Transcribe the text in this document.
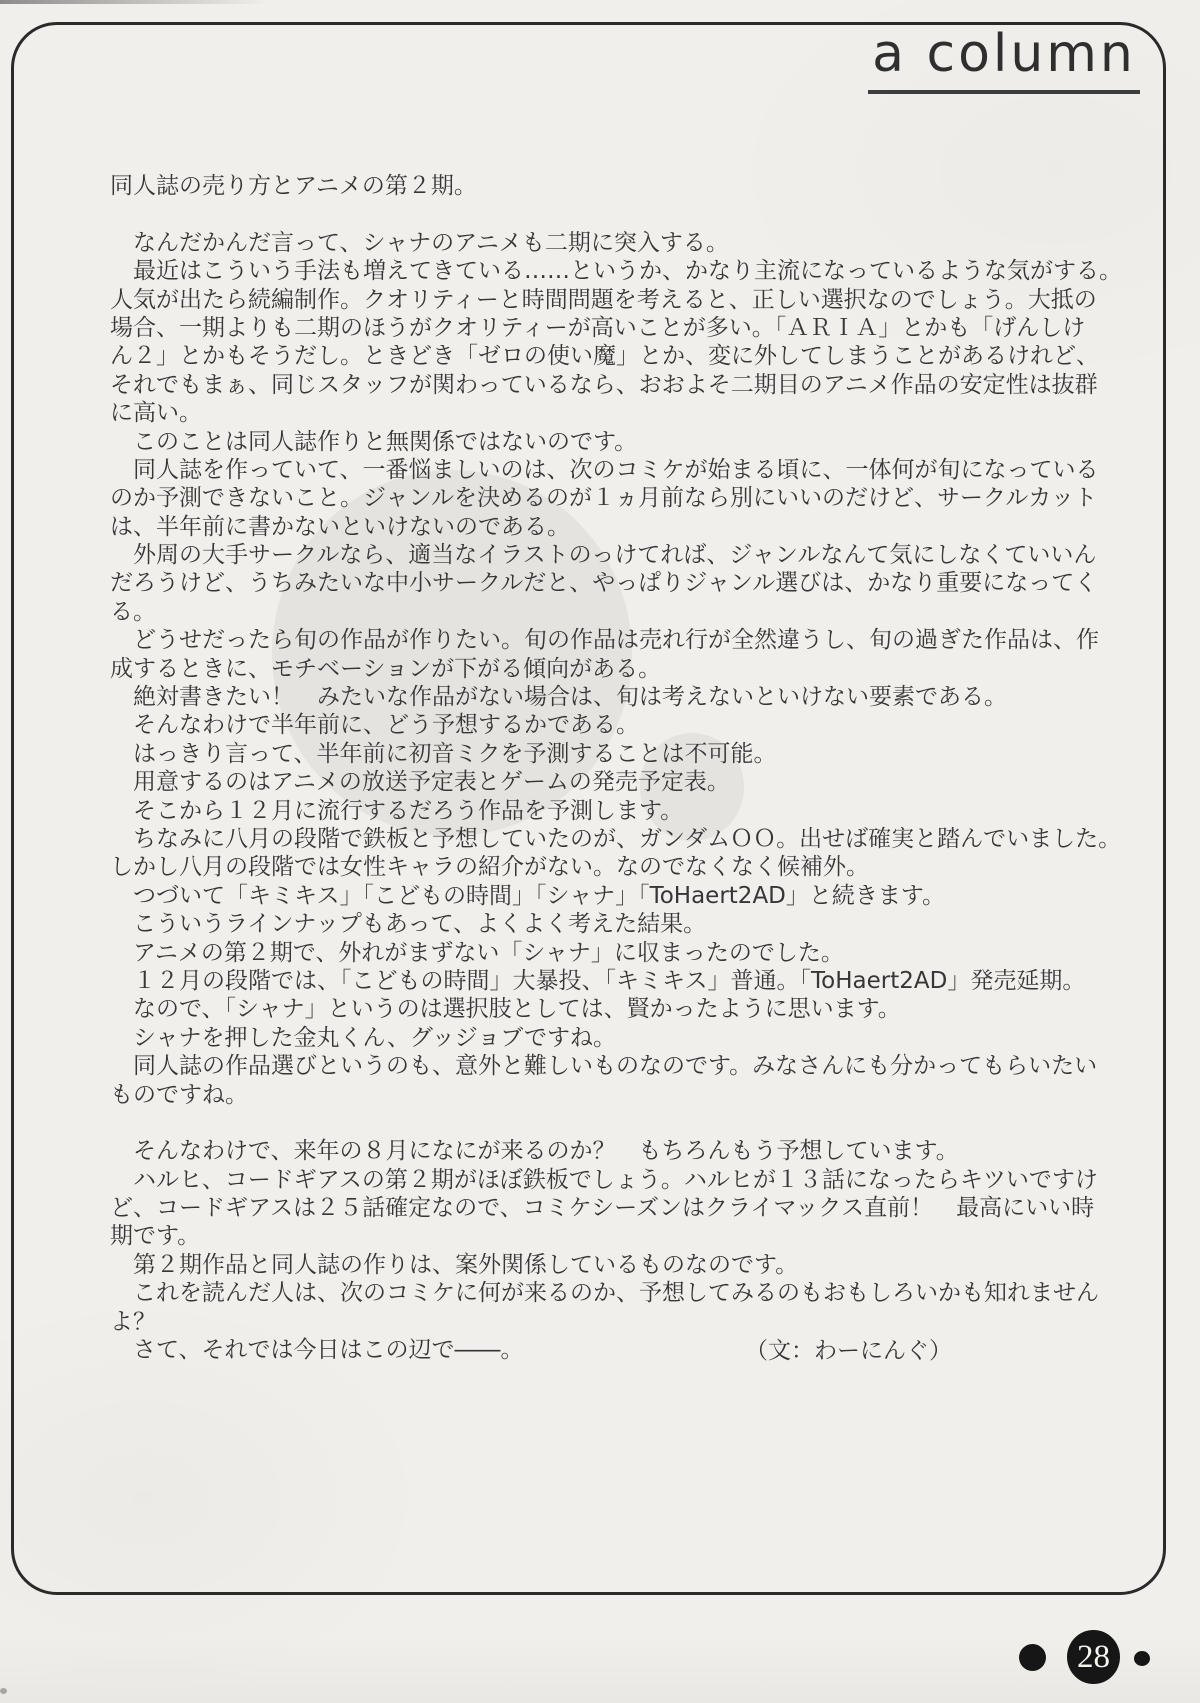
a column
同人誌の売り方とアニメの第２期。
　なんだかんだ言って、シャナのアニメも二期に突入する。
　最近はこういう手法も増えてきている……というか、かなり主流になっているような気がする。
人気が出たら続編制作。クオリティーと時間問題を考えると、正しい選択なのでしょう。大抵の
場合、一期よりも二期のほうがクオリティーが高いことが多い。「ＡＲＩＡ」とかも「げんしけ
ん２」とかもそうだし。ときどき「ゼロの使い魔」とか、変に外してしまうことがあるけれど、
それでもまぁ、同じスタッフが関わっているなら、おおよそ二期目のアニメ作品の安定性は抜群
に高い。
　このことは同人誌作りと無関係ではないのです。
　同人誌を作っていて、一番悩ましいのは、次のコミケが始まる頃に、一体何が旬になっている
のか予測できないこと。ジャンルを決めるのが１ヵ月前なら別にいいのだけど、サークルカット
は、半年前に書かないといけないのである。
　外周の大手サークルなら、適当なイラストのっけてれば、ジャンルなんて気にしなくていいん
だろうけど、うちみたいな中小サークルだと、やっぱりジャンル選びは、かなり重要になってく
る。
　どうせだったら旬の作品が作りたい。旬の作品は売れ行が全然違うし、旬の過ぎた作品は、作
成するときに、モチベーションが下がる傾向がある。
　絶対書きたい！　みたいな作品がない場合は、旬は考えないといけない要素である。
　そんなわけで半年前に、どう予想するかである。
　はっきり言って、半年前に初音ミクを予測することは不可能。
　用意するのはアニメの放送予定表とゲームの発売予定表。
　そこから１２月に流行するだろう作品を予測します。
　ちなみに八月の段階で鉄板と予想していたのが、ガンダムＯＯ。出せば確実と踏んでいました。
しかし八月の段階では女性キャラの紹介がない。なのでなくなく候補外。
　つづいて「キミキス」「こどもの時間」「シャナ」「ToHaert2AD」と続きます。
　こういうラインナップもあって、よくよく考えた結果。
　アニメの第２期で、外れがまずない「シャナ」に収まったのでした。
　１２月の段階では、「こどもの時間」大暴投、「キミキス」普通。「ToHaert2AD」発売延期。
　なので、「シャナ」というのは選択肢としては、賢かったように思います。
　シャナを押した金丸くん、グッジョブですね。
　同人誌の作品選びというのも、意外と難しいものなのです。みなさんにも分かってもらいたい
ものですね。
　そんなわけで、来年の８月になにが来るのか？　もちろんもう予想しています。
　ハルヒ、コードギアスの第２期がほぼ鉄板でしょう。ハルヒが１３話になったらキツいですけ
ど、コードギアスは２５話確定なので、コミケシーズンはクライマックス直前！　最高にいい時
期です。
　第２期作品と同人誌の作りは、案外関係しているものなのです。
　これを読んだ人は、次のコミケに何が来るのか、予想してみるのもおもしろいかも知れません
よ？
　さて、それでは今日はこの辺で――。	（文：わーにんぐ）
28
